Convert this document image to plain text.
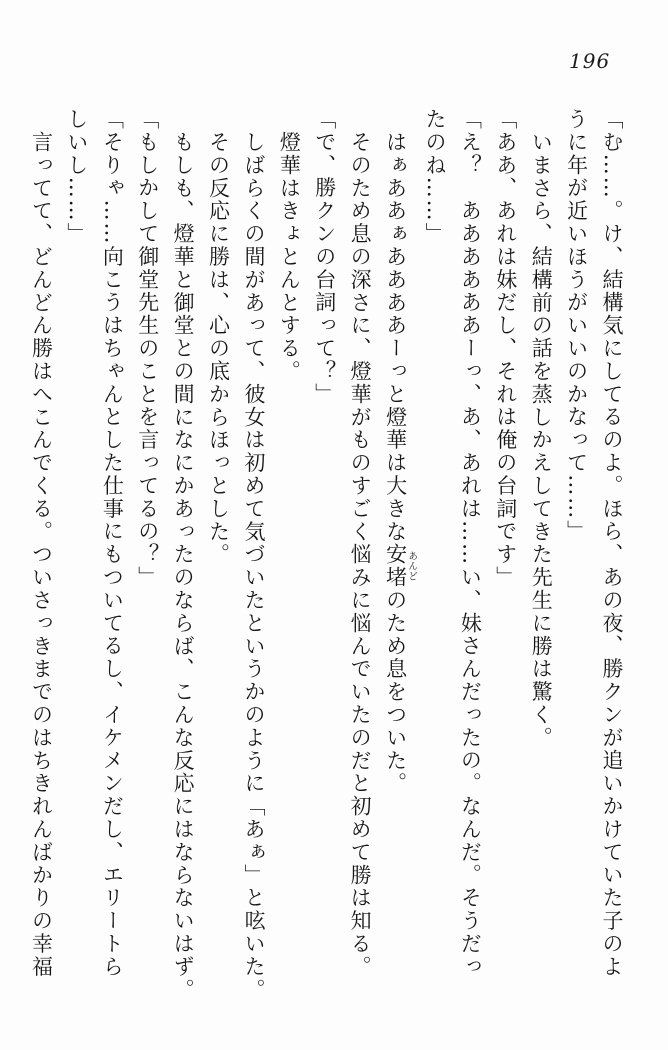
196
「む……。け、結構気にしてるのよ。ほら、あの夜、勝クンが追いかけていた子のよ
うに年が近いほうがいいのかなって……」
いまさら、結構前の話を蒸しかえしてきた先生に勝は驚く。
「ああ、あれは妹だし、それは俺の台詞です」
「え？　ああああああーっ、あ、あれは……い、妹さんだったの。なんだ。そうだっ
たのね……」
はぁああぁああああーっと燈華は大きな安堵あんどのため息をついた。
そのため息の深さに、燈華がものすごく悩みに悩んでいたのだと初めて勝は知る。
「で、勝クンの台詞って？」
燈華はきょとんとする。
しばらくの間があって、彼女は初めて気づいたというかのように「あぁ」と呟いた。
その反応に勝は、心の底からほっとした。
もしも、燈華と御堂との間になにかあったのならば、こんな反応にはならないはず。
「もしかして御堂先生のことを言ってるの？」
「そりゃ……向こうはちゃんとした仕事にもついてるし、イケメンだし、エリートら
しいし……」
言ってて、どんどん勝はへこんでくる。ついさっきまでのはちきれんばかりの幸福
